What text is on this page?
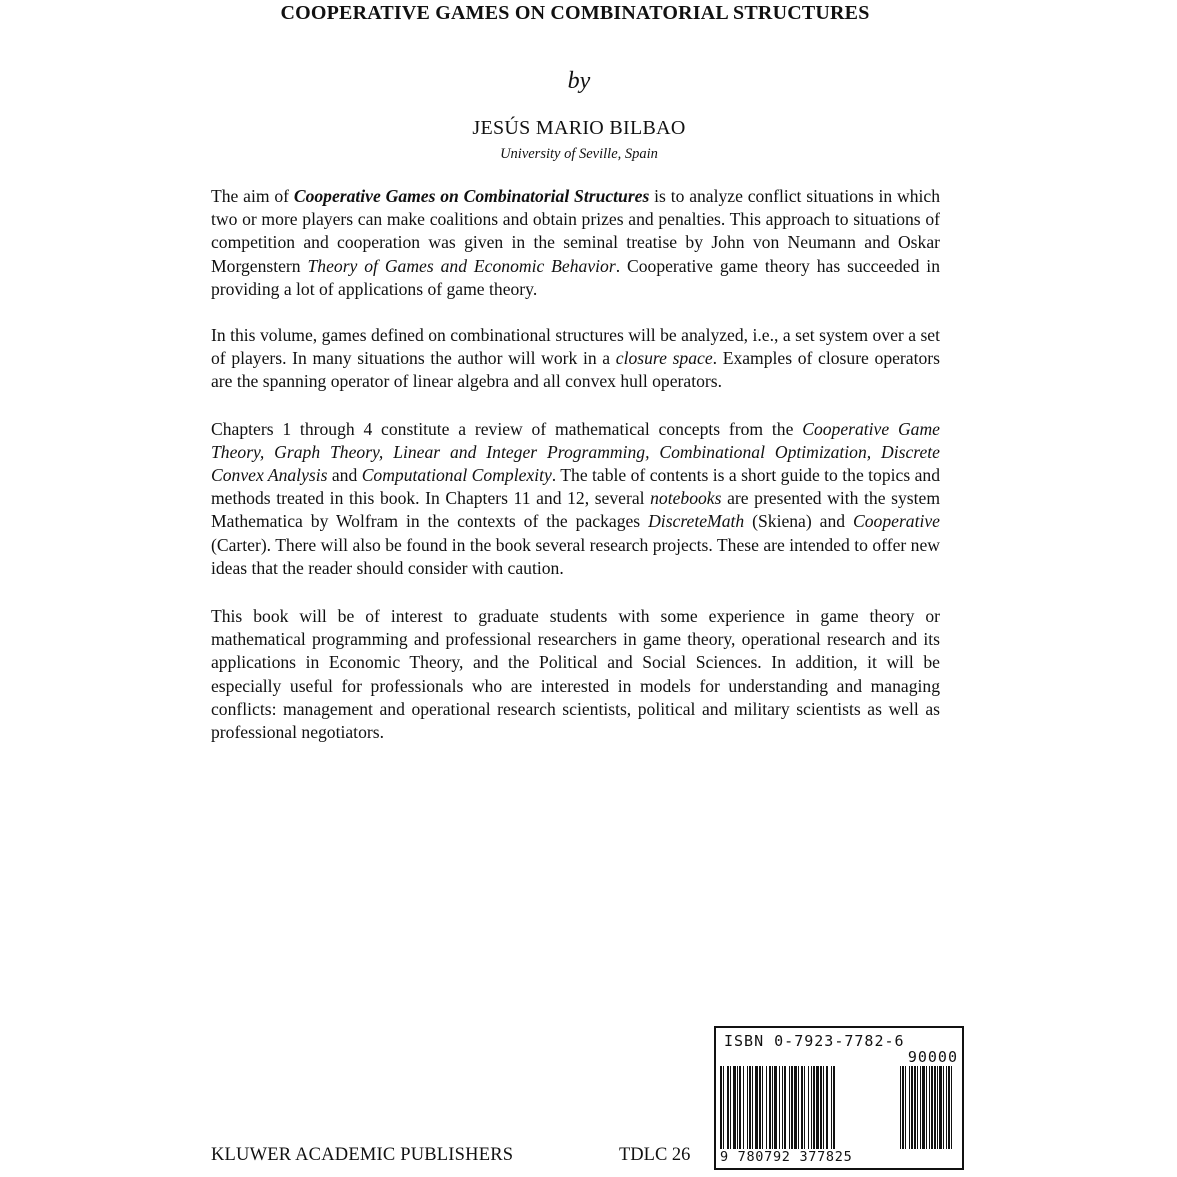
COOPERATIVE GAMES ON COMBINATORIAL STRUCTURES
by
JESÚS MARIO BILBAO
University of Seville, Spain

The aim of Cooperative Games on Combinatorial Structures is to analyze conflict situations in which two or more players can make coalitions and obtain prizes and penalties. This approach to situations of competition and cooperation was given in the seminal treatise by John von Neumann and Oskar Morgenstern Theory of Games and Economic Behavior. Cooperative game theory has succeeded in providing a lot of applications of game theory.

In this volume, games defined on combinational structures will be analyzed, i.e., a set system over a set of players. In many situations the author will work in a closure space. Examples of closure operators are the spanning operator of linear algebra and all convex hull operators.

Chapters 1 through 4 constitute a review of mathematical concepts from the Cooperative Game Theory, Graph Theory, Linear and Integer Programming, Combinational Optimization, Discrete Convex Analysis and Computational Complexity. The table of contents is a short guide to the topics and methods treated in this book. In Chapters 11 and 12, several notebooks are presented with the system Mathematica by Wolfram in the contexts of the packages DiscreteMath (Skiena) and Cooperative (Carter). There will also be found in the book several research projects. These are intended to offer new ideas that the reader should consider with caution.

This book will be of interest to graduate students with some experience in game theory or mathematical programming and professional researchers in game theory, operational research and its applications in Economic Theory, and the Political and Social Sciences. In addition, it will be especially useful for professionals who are interested in models for understanding and managing conflicts: management and operational research scientists, political and military scientists as well as professional negotiators.

KLUWER ACADEMIC PUBLISHERS	TDLC 26
ISBN 0-7923-7782-6
90000
9 780792 377825
